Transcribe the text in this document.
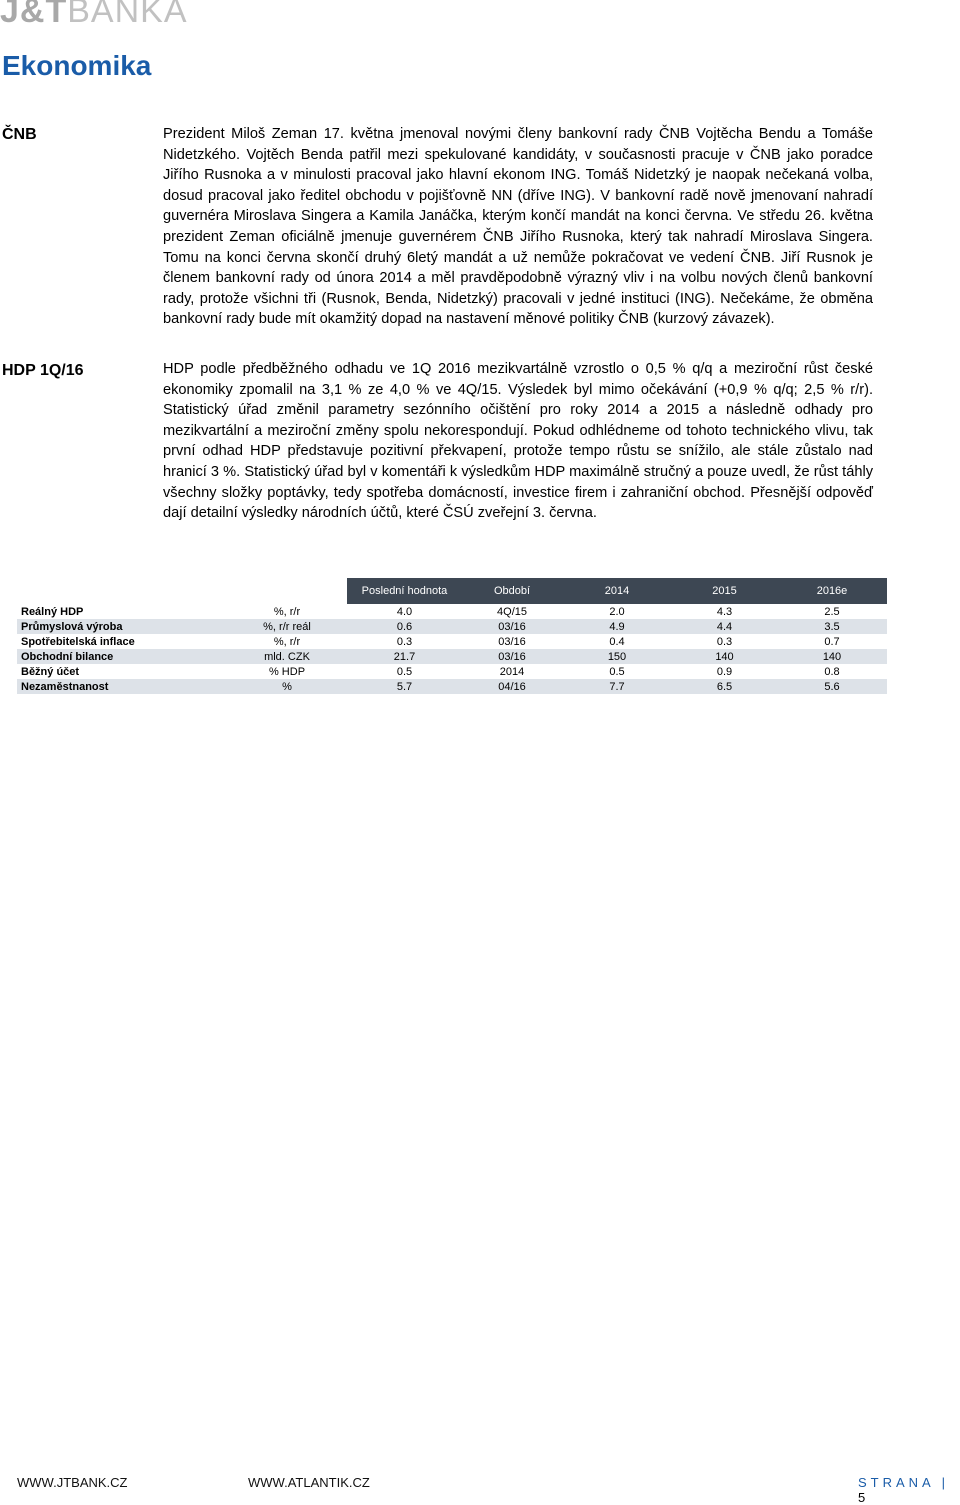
J&TBANKA
Ekonomika
ČNB	Prezident Miloš Zeman 17. května jmenoval novými členy bankovní rady ČNB Vojtěcha Bendu a Tomáše Nidetzkého. Vojtěch Benda patřil mezi spekulované kandidáty, v současnosti pracuje v ČNB jako poradce Jiřího Rusnoka a v minulosti pracoval jako hlavní ekonom ING. Tomáš Nidetzký je naopak nečekaná volba, dosud pracoval jako ředitel obchodu v pojišťovně NN (dříve ING). V bankovní radě nově jmenovaní nahradí guvernéra Miroslava Singera a Kamila Janáčka, kterým končí mandát na konci června. Ve středu 26. května prezident Zeman oficiálně jmenuje guvernérem ČNB Jiřího Rusnoka, který tak nahradí Miroslava Singera. Tomu na konci června skončí druhý 6letý mandát a už nemůže pokračovat ve vedení ČNB. Jiří Rusnok je členem bankovní rady od února 2014 a měl pravděpodobně výrazný vliv i na volbu nových členů bankovní rady, protože všichni tři (Rusnok, Benda, Nidetzký) pracovali v jedné instituci (ING). Nečekáme, že obměna bankovní rady bude mít okamžitý dopad na nastavení měnové politiky ČNB (kurzový závazek).

HDP 1Q/16	HDP podle předběžného odhadu ve 1Q 2016 mezikvartálně vzrostlo o 0,5 % q/q a meziroční růst české ekonomiky zpomalil na 3,1 % ze 4,0 % ve 4Q/15. Výsledek byl mimo očekávání (+0,9 % q/q; 2,5 % r/r). Statistický úřad změnil parametry sezónního očištění pro roky 2014 a 2015 a následně odhady pro mezikvartální a meziroční změny spolu nekorespondují. Pokud odhlédneme od tohoto technického vlivu, tak první odhad HDP představuje pozitivní překvapení, protože tempo růstu se snížilo, ale stále zůstalo nad hranicí 3 %. Statistický úřad byl v komentáři k výsledkům HDP maximálně stručný a pouze uvedl, že růst táhly všechny složky poptávky, tedy spotřeba domácností, investice firem i zahraniční obchod. Přesnější odpověď dají detailní výsledky národních účtů, které ČSÚ zveřejní 3. června.

		Poslední hodnota	Období	2014	2015	2016e
Reálný HDP	%, r/r	4.0	4Q/15	2.0	4.3	2.5
Průmyslová výroba	%, r/r reál	0.6	03/16	4.9	4.4	3.5
Spotřebitelská inflace	%, r/r	0.3	03/16	0.4	0.3	0.7
Obchodní bilance	mld. CZK	21.7	03/16	150	140	140
Běžný účet	% HDP	0.5	2014	0.5	0.9	0.8
Nezaměstnanost	%	5.7	04/16	7.7	6.5	5.6
WWW.JTBANK.CZ	WWW.ATLANTIK.CZ	STRANA | 5
